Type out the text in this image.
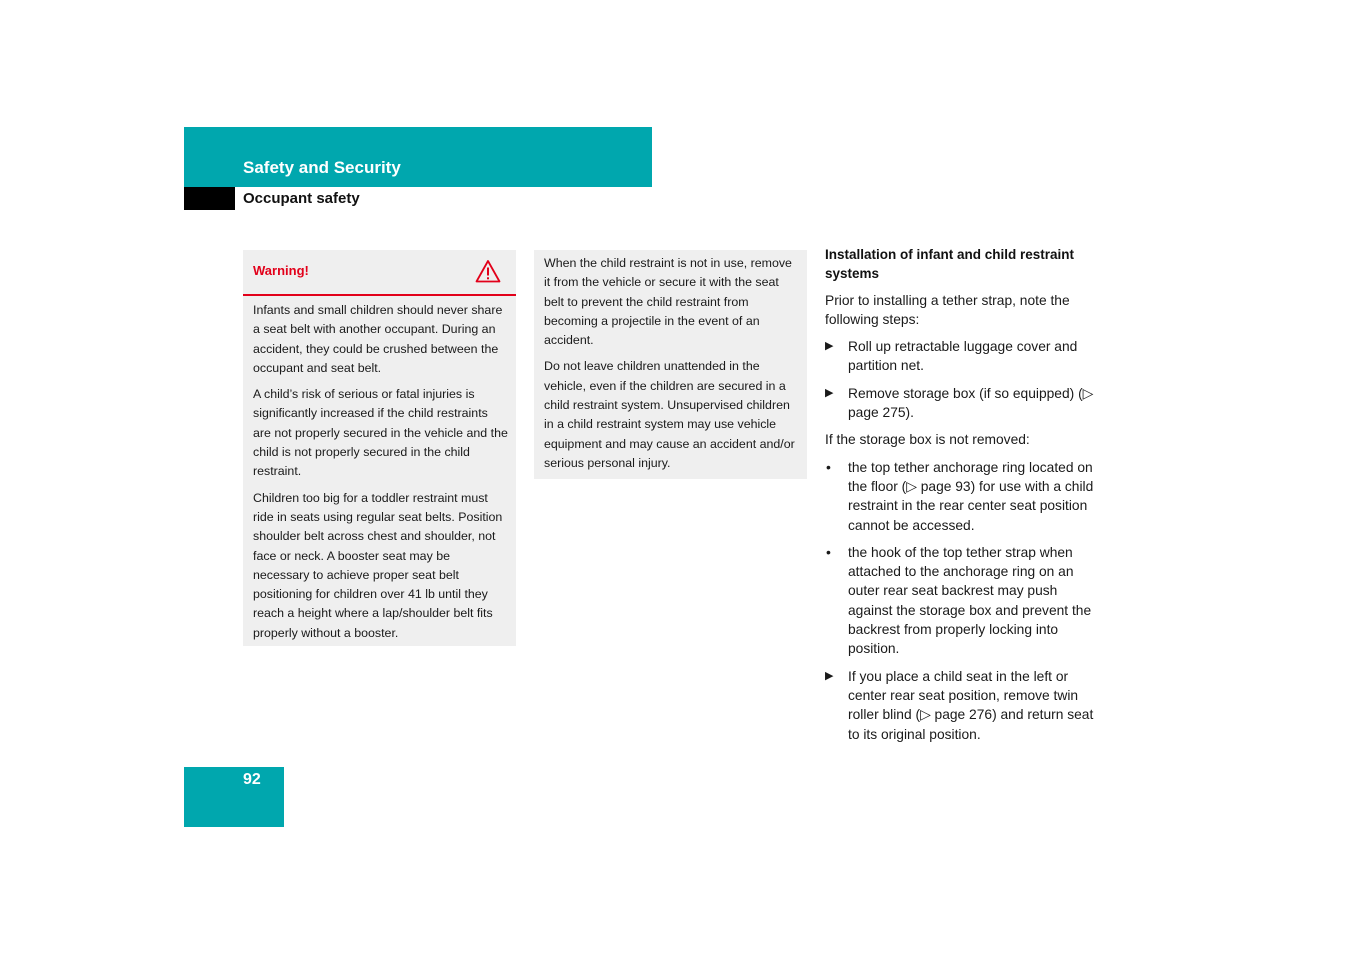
Safety and Security
Occupant safety
Warning!

Infants and small children should never share a seat belt with another occupant. During an accident, they could be crushed between the occupant and seat belt.

A child’s risk of serious or fatal injuries is significantly increased if the child restraints are not properly secured in the vehicle and the child is not properly secured in the child restraint.

Children too big for a toddler restraint must ride in seats using regular seat belts. Position shoulder belt across chest and shoulder, not face or neck. A booster seat may be necessary to achieve proper seat belt positioning for children over 41 lb until they reach a height where a lap/shoulder belt fits properly without a booster.

When the child restraint is not in use, remove it from the vehicle or secure it with the seat belt to prevent the child restraint from becoming a projectile in the event of an accident.

Do not leave children unattended in the vehicle, even if the children are secured in a child restraint system. Unsupervised children in a child restraint system may use vehicle equipment and may cause an accident and/or serious personal injury.

Installation of infant and child restraint systems

Prior to installing a tether strap, note the following steps:

▶ Roll up retractable luggage cover and partition net.
▶ Remove storage box (if so equipped) (▷ page 275).

If the storage box is not removed:

• the top tether anchorage ring located on the floor (▷ page 93) for use with a child restraint in the rear center seat position cannot be accessed.
• the hook of the top tether strap when attached to the anchorage ring on an outer rear seat backrest may push against the storage box and prevent the backrest from properly locking into position.
▶ If you place a child seat in the left or center rear seat position, remove twin roller blind (▷ page 276) and return seat to its original position.
92
